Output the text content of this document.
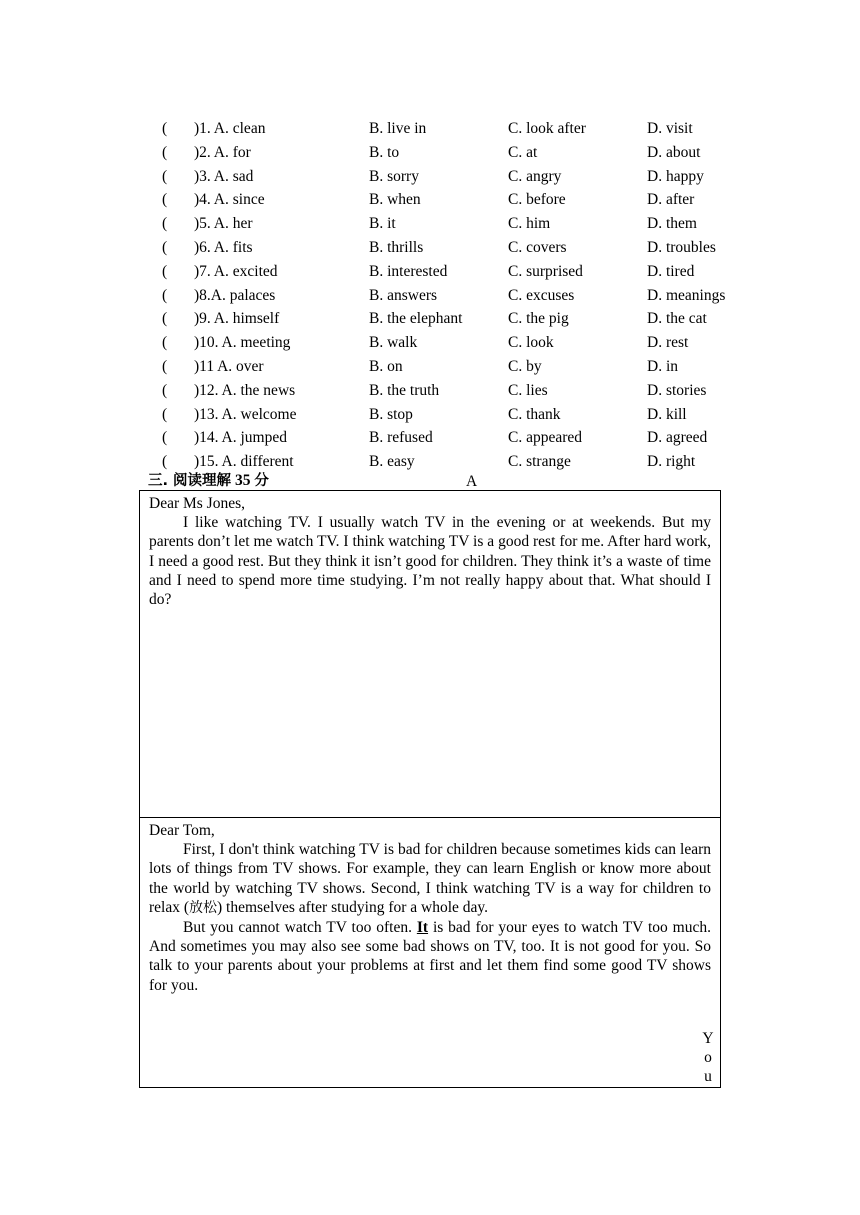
( )1. A. clean	B. live in	C. look after	D. visit
( )2. A. for	B. to	C. at	D. about
( )3. A. sad	B. sorry	C. angry	D. happy
( )4. A. since	B. when	C. before	D. after
( )5. A. her	B. it	C. him	D. them
( )6. A. fits	B. thrills	C. covers	D. troubles
( )7. A. excited	B. interested	C. surprised	D. tired
( )8.A. palaces	B. answers	C. excuses	D. meanings
( )9. A. himself	B. the elephant	C. the pig	D. the cat
( )10. A. meeting	B. walk	C. look	D. rest
( )11 A. over	B. on	C. by	D. in
( )12. A. the news	B. the truth	C. lies	D. stories
( )13. A. welcome	B. stop	C. thank	D. kill
( )14. A. jumped	B. refused	C. appeared	D. agreed
( )15. A. different	B. easy	C. strange	D. right
三. 阅读理解 35 分	A
Dear Ms Jones,

I like watching TV. I usually watch TV in the evening or at weekends. But my parents don’t let me watch TV. I think watching TV is a good rest for me. After hard work, I need a good rest. But they think it isn’t good for children. They think it’s a waste of time and I need to spend more time studying. I’m not really happy about that. What should I do?

Dear Tom,

First, I don't think watching TV is bad for children because sometimes kids can learn lots of things from TV shows. For example, they can learn English or know more about the world by watching TV shows. Second, I think watching TV is a way for children to relax (放松) themselves after studying for a whole day.

But you cannot watch TV too often. It is bad for your eyes to watch TV too much. And sometimes you may also see some bad shows on TV, too. It is not good for you. So talk to your parents about your problems at first and let them find some good TV shows for you.

Y
o
u
